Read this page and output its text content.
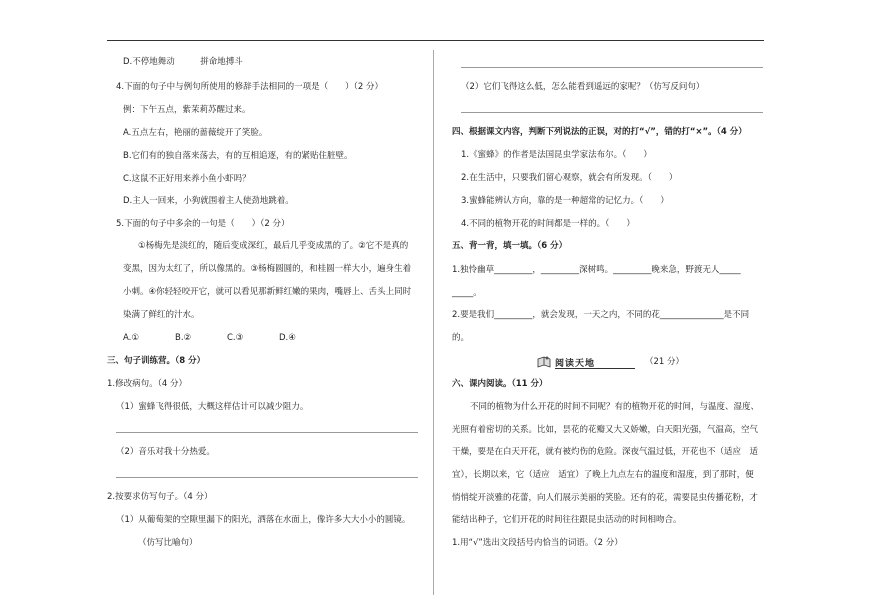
D.不停地舞动　　　拼命地搏斗
4.下面的句子中与例句所使用的修辞手法相同的一项是（　　）（2 分）
例：下午五点，紫茉莉苏醒过来。
A.五点左右，艳丽的蔷薇绽开了笑脸。
B.它们有的独自落来荡去，有的互相追逐，有的紧贴住脏壁。
C.这鼠不正好用来养小鱼小虾吗？
D.主人一回来，小狗就围着主人使劲地跳着。
5.下面的句子中多余的一句是（　　）（2 分）
①杨梅先是淡红的，随后变成深红，最后几乎变成黑的了。②它不是真的
变黑，因为太红了，所以像黑的。③杨梅圆圆的，和桂圆一样大小，遍身生着
小刺。④你轻轻咬开它，就可以看见那新鲜红嫩的果肉，嘴唇上、舌头上同时
染满了鲜红的汁水。
A.①	B.②	C.③	D.④
三、句子训练营。（8 分）
1.修改病句。（4 分）
（1）蜜蜂飞得很低，大概这样估计可以减少阻力。
（2）音乐对我十分热爱。
2.按要求仿写句子。（4 分）
（1）从葡萄架的空隙里漏下的阳光，洒落在水面上，像许多大大小小的圆镜。
（仿写比喻句）
（2）它们飞得这么低，怎么能看到遥远的家呢？（仿写反问句）
四、根据课文内容，判断下列说法的正误，对的打“√”，错的打“×”。（4 分）
1.《蜜蜂》的作者是法国昆虫学家法布尔。（　　）
2.在生活中，只要我们留心观察，就会有所发现。（　　）
3.蜜蜂能辨认方向，靠的是一种超常的记忆力。（　　）
4.不同的植物开花的时间都是一样的。（　　）
五、背一背，填一填。（6 分）
1.独怜幽草_________，_________深树鸣。_________晚来急，野渡无人_____
_____。
2.要是我们_________，就会发现，一天之内，不同的花_______________是不同
的。
阅读天地	（21 分）
六、课内阅读。（11 分）
不同的植物为什么开花的时间不同呢？有的植物开花的时间，与温度、湿度、
光照有着密切的关系。比如，昙花的花瓣又大又娇嫩，白天阳光强，气温高，空气
干燥，要是在白天开花，就有被灼伤的危险。深夜气温过低，开花也不（适应　适
宜），长期以来，它（适应　适宜）了晚上九点左右的温度和湿度，到了那时，便
悄悄绽开淡雅的花蕾，向人们展示美丽的笑脸。还有的花，需要昆虫传播花粉，才
能结出种子，它们开花的时间往往跟昆虫活动的时间相吻合。
1.用“√”选出文段括号内恰当的词语。（2 分）
